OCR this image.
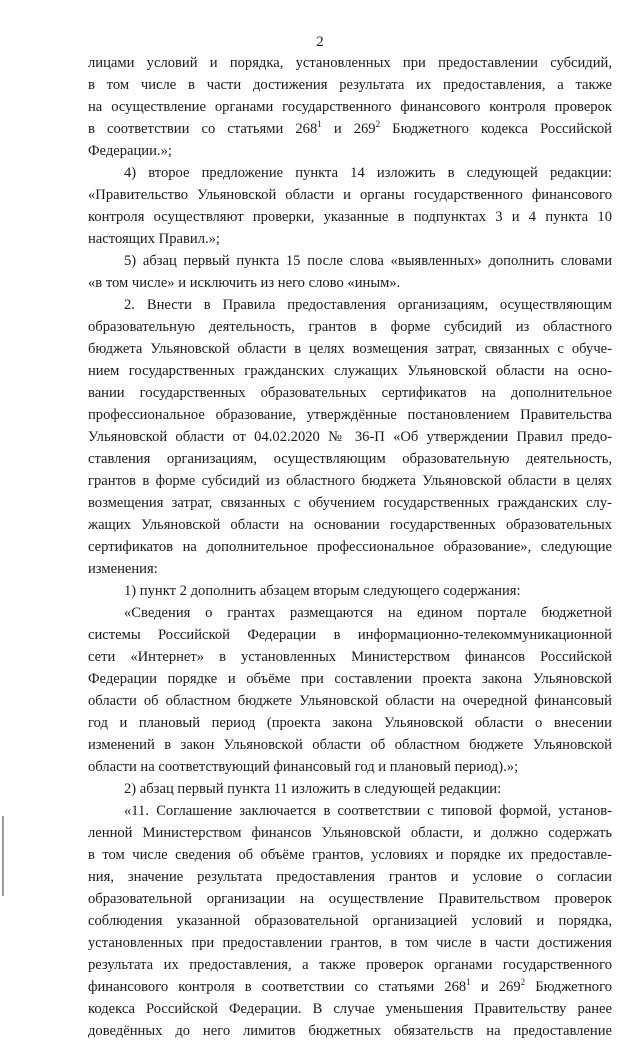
2
лицами условий и порядка, установленных при предоставлении субсидий,
в том числе в части достижения результата их предоставления, а также
на осуществление органами государственного финансового контроля проверок
в соответствии со статьями $268^1$ и $269^2$ Бюджетного кодекса Российской
Федерации.»;
4) второе предложение пункта 14 изложить в следующей редакции:
«Правительство Ульяновской области и органы государственного финансового
контроля осуществляют проверки, указанные в подпунктах 3 и 4 пункта 10
настоящих Правил.»;
5) абзац первый пункта 15 после слова «выявленных» дополнить словами
«в том числе» и исключить из него слово «иным».
2. Внести в Правила предоставления организациям, осуществляющим
образовательную деятельность, грантов в форме субсидий из областного
бюджета Ульяновской области в целях возмещения затрат, связанных с обуче-
нием государственных гражданских служащих Ульяновской области на осно-
вании государственных образовательных сертификатов на дополнительное
профессиональное образование, утверждённые постановлением Правительства
Ульяновской области от 04.02.2020 № 36-П «Об утверждении Правил предо-
ставления организациям, осуществляющим образовательную деятельность,
грантов в форме субсидий из областного бюджета Ульяновской области в целях
возмещения затрат, связанных с обучением государственных гражданских слу-
жащих Ульяновской области на основании государственных образовательных
сертификатов на дополнительное профессиональное образование», следующие
изменения:
1) пункт 2 дополнить абзацем вторым следующего содержания:
«Сведения о грантах размещаются на едином портале бюджетной
системы Российской Федерации в информационно-телекоммуникационной
сети «Интернет» в установленных Министерством финансов Российской
Федерации порядке и объёме при составлении проекта закона Ульяновской
области об областном бюджете Ульяновской области на очередной финансовый
год и плановый период (проекта закона Ульяновской области о внесении
изменений в закон Ульяновской области об областном бюджете Ульяновской
области на соответствующий финансовый год и плановый период).»;
2) абзац первый пункта 11 изложить в следующей редакции:
«11. Соглашение заключается в соответствии с типовой формой, установ-
ленной Министерством финансов Ульяновской области, и должно содержать
в том числе сведения об объёме грантов, условиях и порядке их предоставле-
ния, значение результата предоставления грантов и условие о согласии
образовательной организации на осуществление Правительством проверок
соблюдения указанной образовательной организацией условий и порядка,
установленных при предоставлении грантов, в том числе в части достижения
результата их предоставления, а также проверок органами государственного
финансового контроля в соответствии со статьями $268^1$ и $269^2$ Бюджетного
кодекса Российской Федерации. В случае уменьшения Правительству ранее
доведённых до него лимитов бюджетных обязательств на предоставление
